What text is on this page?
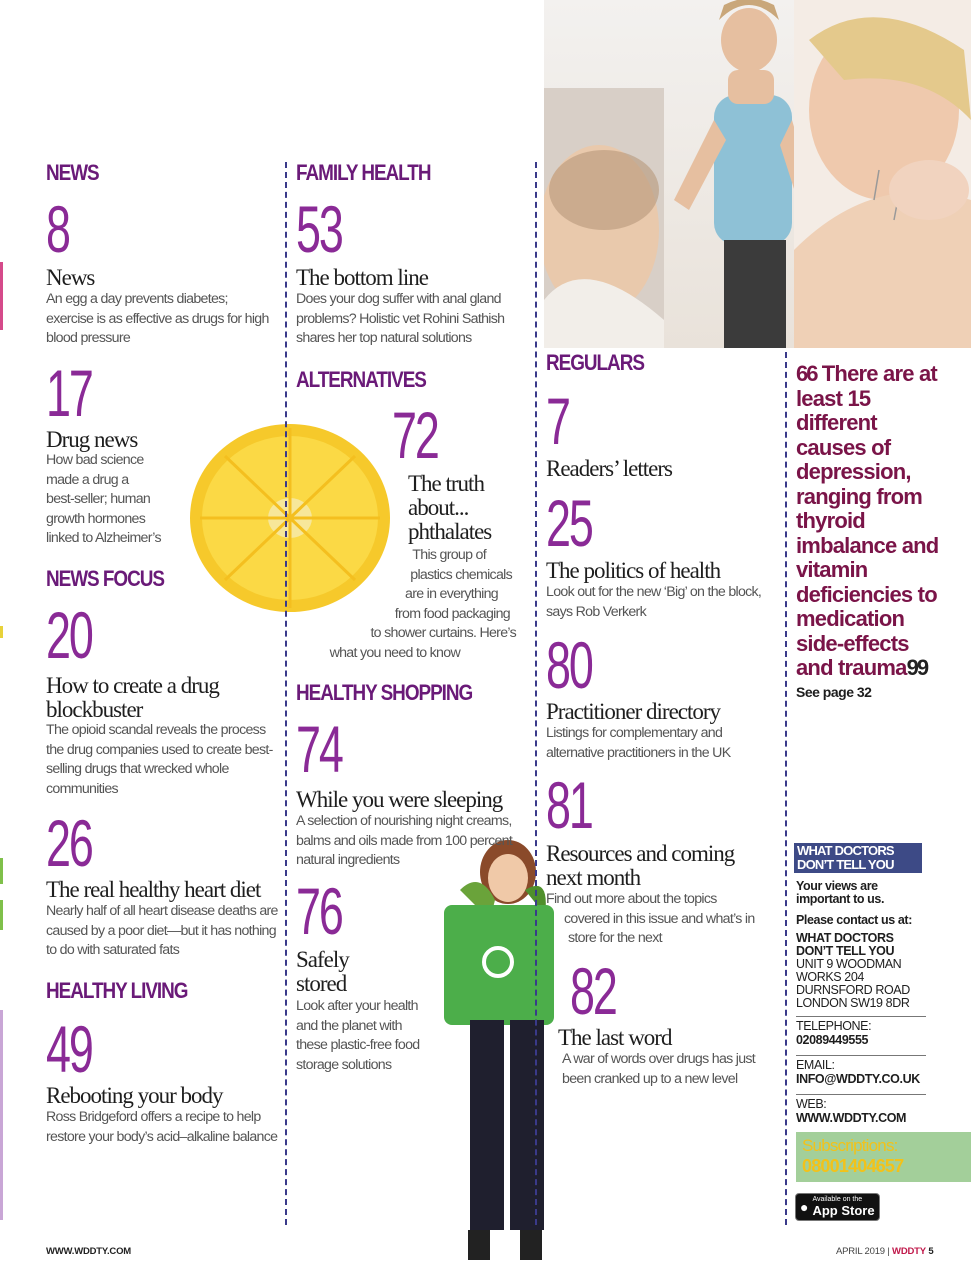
NEWS
8
News
An egg a day prevents diabetes; exercise is as effective as drugs for high blood pressure
17
Drug news
How bad science
made a drug a
best-seller; human
growth hormones
linked to Alzheimer’s
NEWS FOCUS
20
How to create a drug blockbuster
The opioid scandal reveals the process the drug companies used to create best-selling drugs that wrecked whole communities
26
The real healthy heart diet
Nearly half of all heart disease deaths are caused by a poor diet—but it has nothing to do with saturated fats
HEALTHY LIVING
49
Rebooting your body
Ross Bridgeford offers a recipe to help restore your body’s acid–alkaline balance
FAMILY HEALTH
53
The bottom line
Does your dog suffer with anal gland problems? Holistic vet Rohini Sathish shares her top natural solutions
ALTERNATIVES
72
The truth
about...
phthalates
This group of
plastics chemicals
are in everything
from food packaging
to shower curtains. Here’s
what you need to know
HEALTHY SHOPPING
74
While you were sleeping
A selection of nourishing night creams, balms and oils made from 100 percent natural ingredients
76
Safely
stored
Look after your health
and the planet with
these plastic-free food
storage solutions
REGULARS
7
Readers’ letters
25
The politics of health
Look out for the new ‘Big’ on the block, says Rob Verkerk
80
Practitioner directory
Listings for complementary and alternative practitioners in the UK
81
Resources and coming
next month
Find out more about the topics
covered in this issue and what’s in
store for the next
82
The last word
A war of words over drugs has just been cranked up to a new level
66 There are at least 15 different causes of depression, ranging from thyroid imbalance and vitamin deficiencies to medication side-effects and trauma99
See page 32
WHAT DOCTORS
DON’T TELL YOU
Your views are
important to us.
Please contact us at:
WHAT DOCTORS
DON’T TELL YOU
UNIT 9 WOODMAN
WORKS 204
DURNSFORD ROAD
LONDON SW19 8DR
TELEPHONE:
02089449555
EMAIL:
INFO@WDDTY.CO.UK
WEB:
WWW.WDDTY.COM
Subscriptions:
08001404657
● Available on the
App Store
WWW.WDDTY.COM	APRIL 2019 | WDDTY 5
